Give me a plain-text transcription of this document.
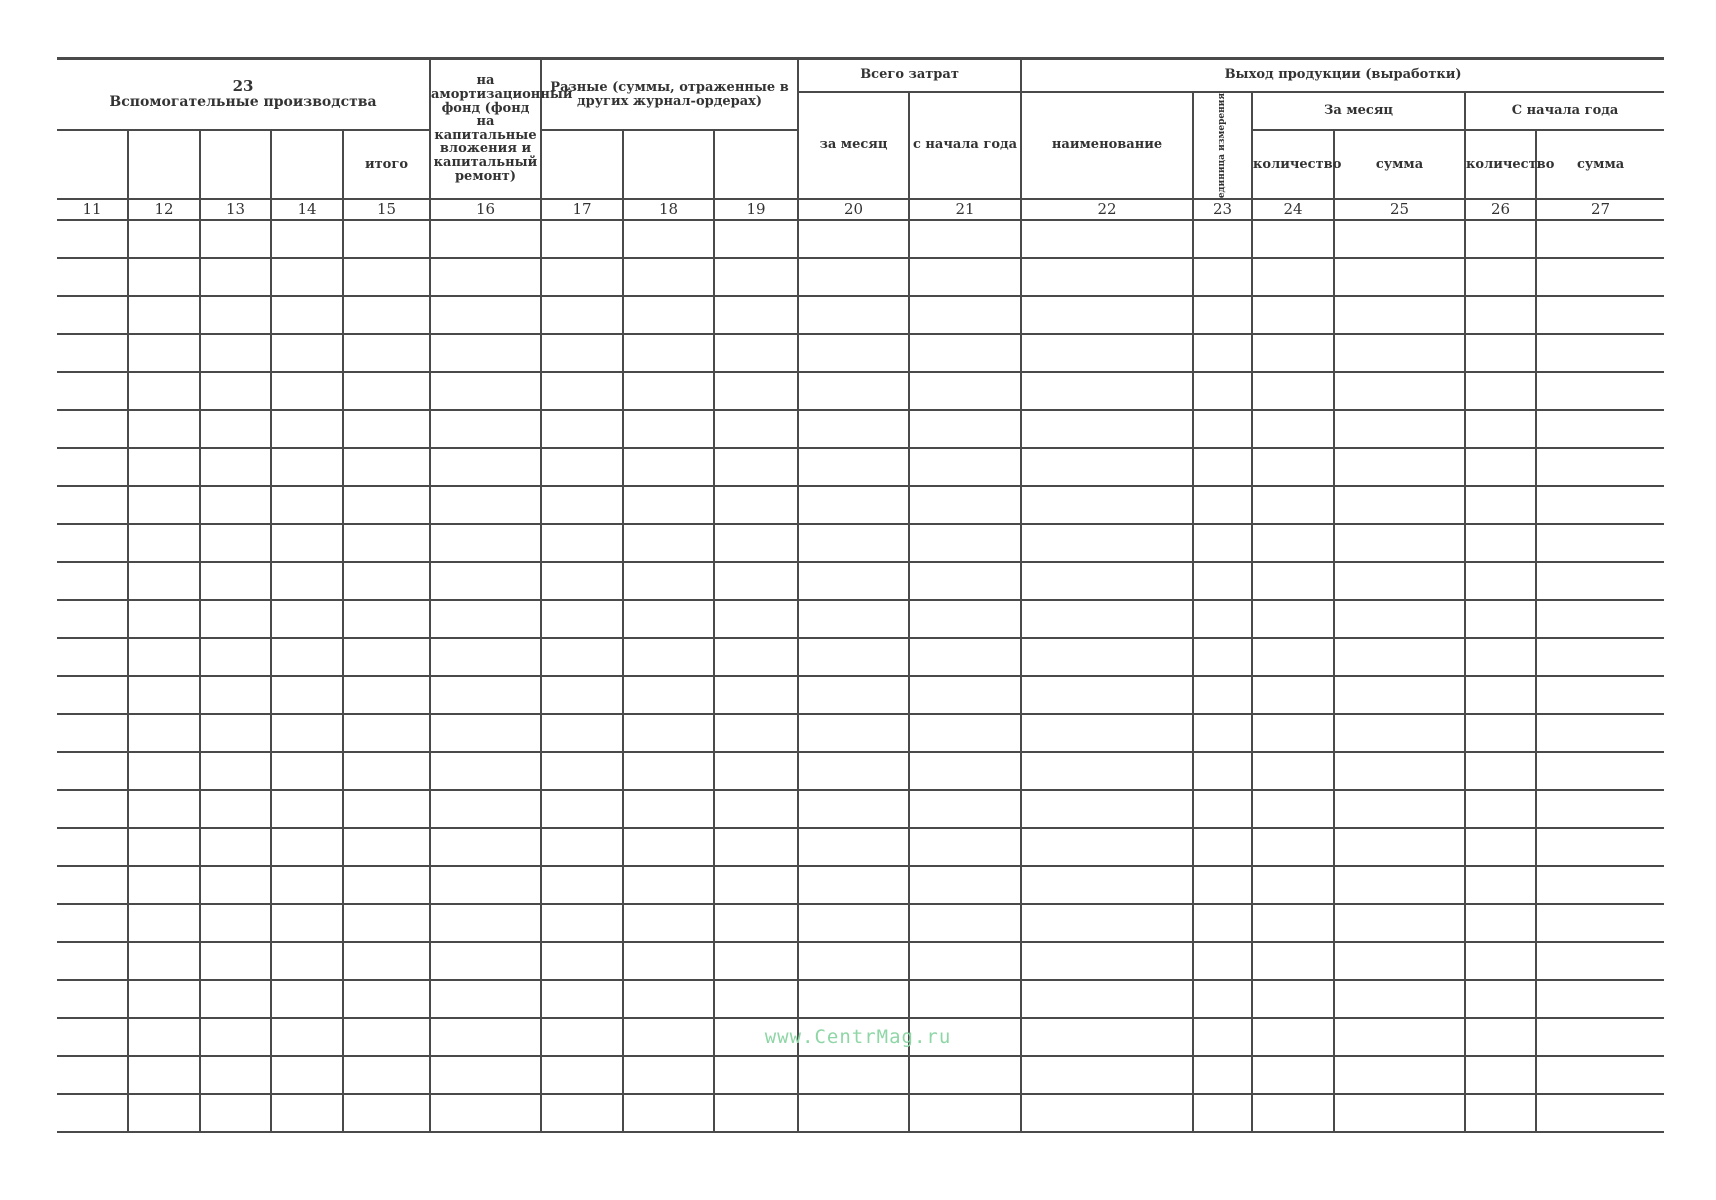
23
Вспомогательные производства					на амортизационный фонд (фонд на капитальные вложения и капитальный ремонт)	Разные (суммы, отраженные в других журнал-ордерах)			Всего затрат		Выход продукции (выработки)					
									за месяц	с начала года	наименование	единица измерения	За месяц		С начала года	
				итого									количество	сумма	количество	сумма
11	12	13	14	15	16	17	18	19	20	21	22	23	24	25	26	27

www.CentrMag.ru
